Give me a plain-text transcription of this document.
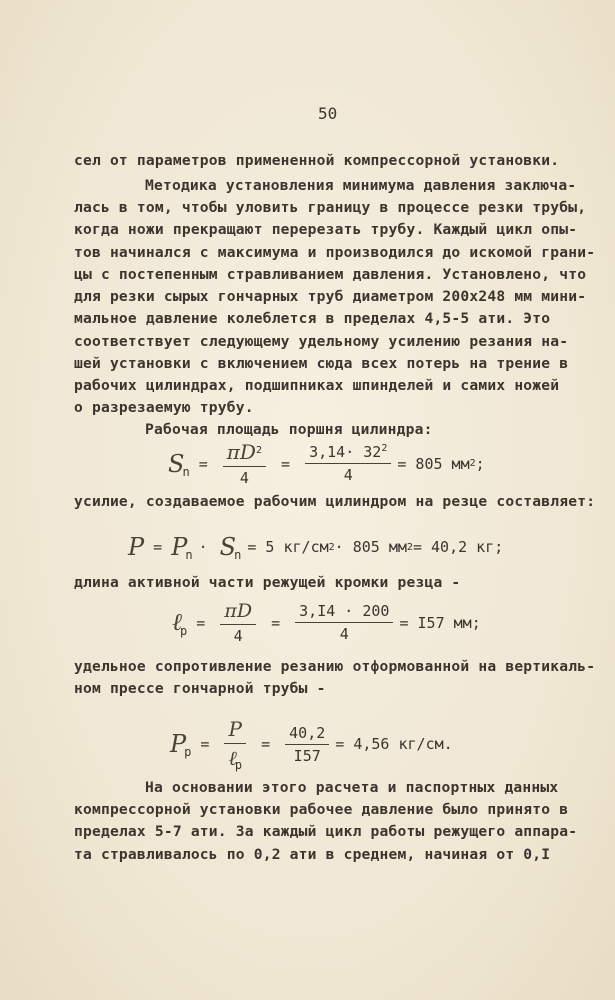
50
сел от параметров примененной компрессорной установки.
Методика установления минимума давления заключа-
лась в том, чтобы уловить границу в процессе резки трубы,
когда ножи прекращают перерезать трубу. Каждый цикл опы-
тов начинался с максимума и производился до искомой грани-
цы с постепенным стравливанием давления. Установлено, что
для резки сырых гончарных труб диаметром 200х248 мм мини-
мальное давление колеблется в пределах 4,5-5 ати. Это
соответствует следующему удельному усилению резания на-
шей установки с включением сюда всех потерь на трение в
рабочих цилиндрах, подшипниках шпинделей и самих ножей
о разрезаемую трубу.
Рабочая площадь поршня цилиндра:
S
$n = \frac{\pi D^2}{4} = \frac{3,14\cdot 32^2}{4} = 805$ мм 2 ;
усилие, создаваемое рабочим цилиндром на резце составляет:
P = P
n · S
n = 5 кг/см 2 · 805 мм 2 = 40,2 кг;
длина активной части режущей кромки резца -
ℓ
$p = \frac{\pi D}{4} = \frac{3,I4 \cdot 200}{4} = I57$ мм;
удельное сопротивление резанию отформованной на вертикаль-
ном прессе гончарной трубы -
P
$p = \frac{P}{\ell_p} = \frac{40,2}{I57} = 4,56$ кг/см.
На основании этого расчета и паспортных данных
компрессорной установки рабочее давление было принято в
пределах 5-7 ати. За каждый цикл работы режущего аппара-
та стравливалось по 0,2 ати в среднем, начиная от 0,I
